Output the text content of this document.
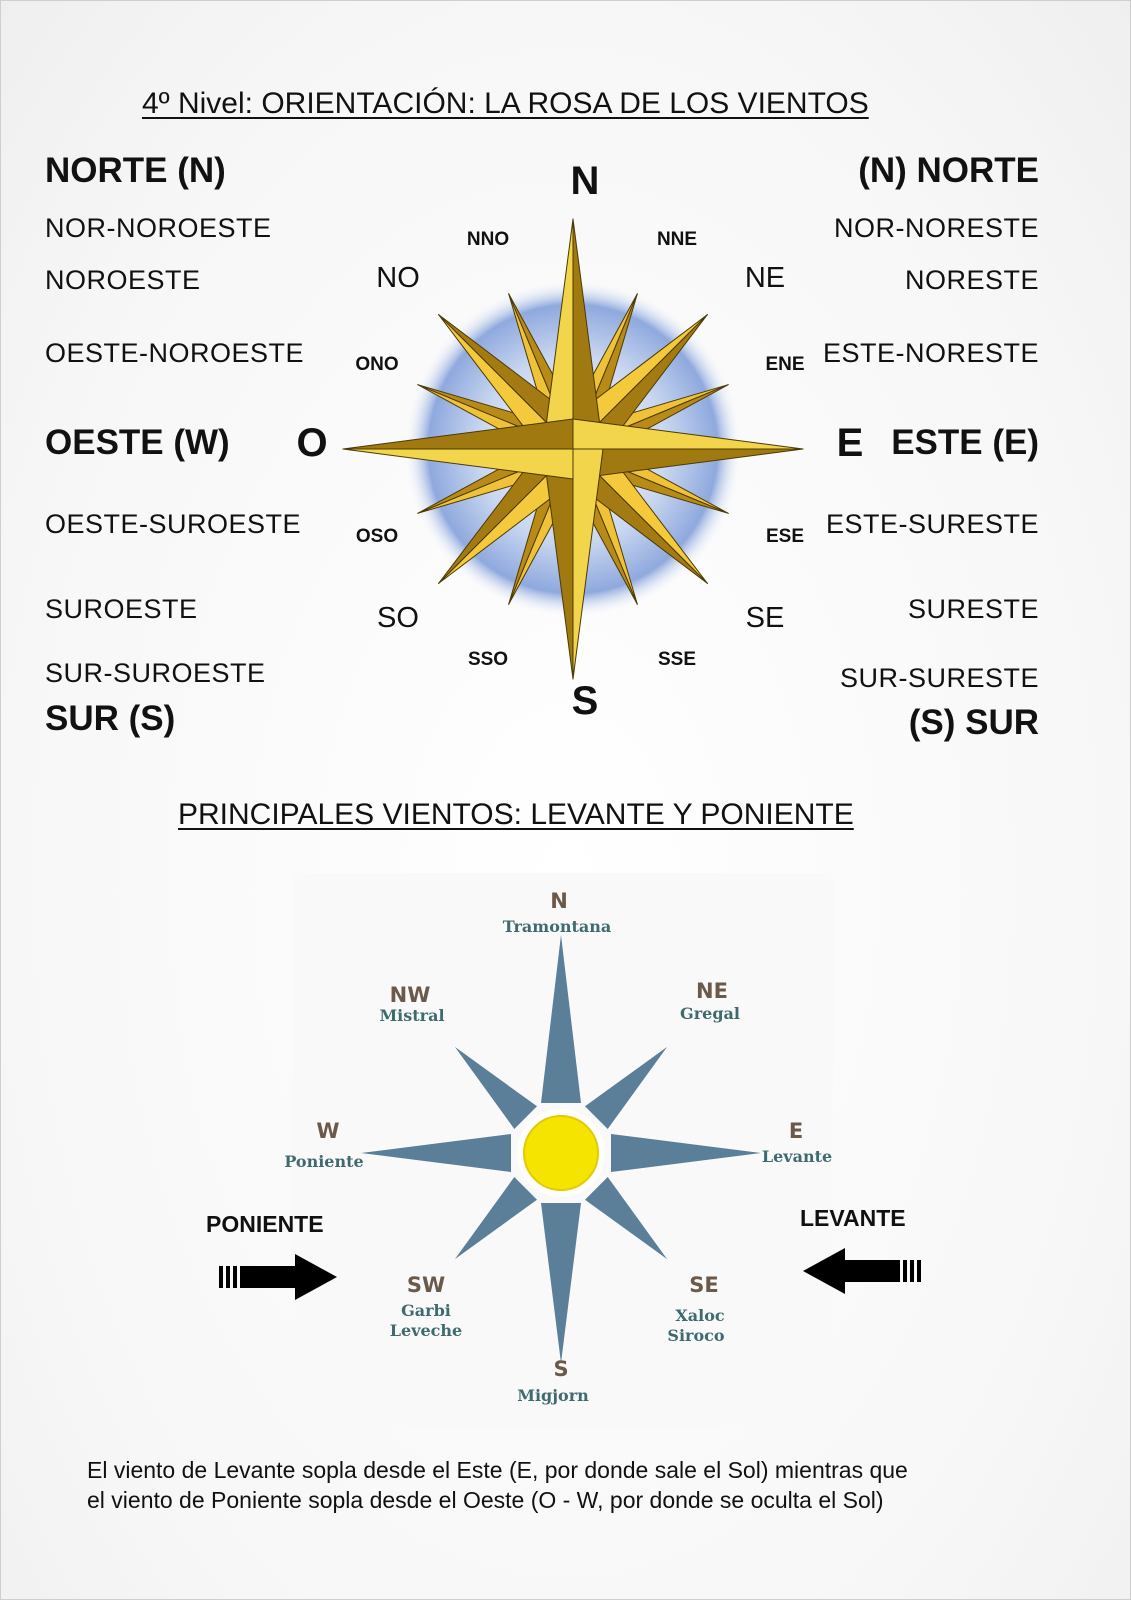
4º Nivel: ORIENTACIÓN: LA ROSA DE LOS VIENTOS
NORTE (N)
NOR-NOROESTE
NOROESTE
OESTE-NOROESTE
OESTE (W)
OESTE-SUROESTE
SUROESTE
SUR-SUROESTE
SUR (S)
(N) NORTE
NOR-NORESTE
NORESTE
ESTE-NORESTE
ESTE (E)
ESTE-SURESTE
SURESTE
SUR-SURESTE
(S) SUR
N
S
O	E
NO	NE
SO	SE
NNO	NNE
ONO	ENE
OSO	ESE
SSO	SSE
PRINCIPALES VIENTOS: LEVANTE Y PONIENTE
N
Tramontana
NE
Gregal
NW
Mistral
E
Levante
W
Poniente
SW
Garbi
Leveche
SE
Xaloc
Siroco
S
Migjorn
PONIENTE	LEVANTE
El viento de Levante sopla desde el Este (E, por donde sale el Sol) mientras que
el viento de Poniente sopla desde el Oeste (O - W, por donde se oculta el Sol)
